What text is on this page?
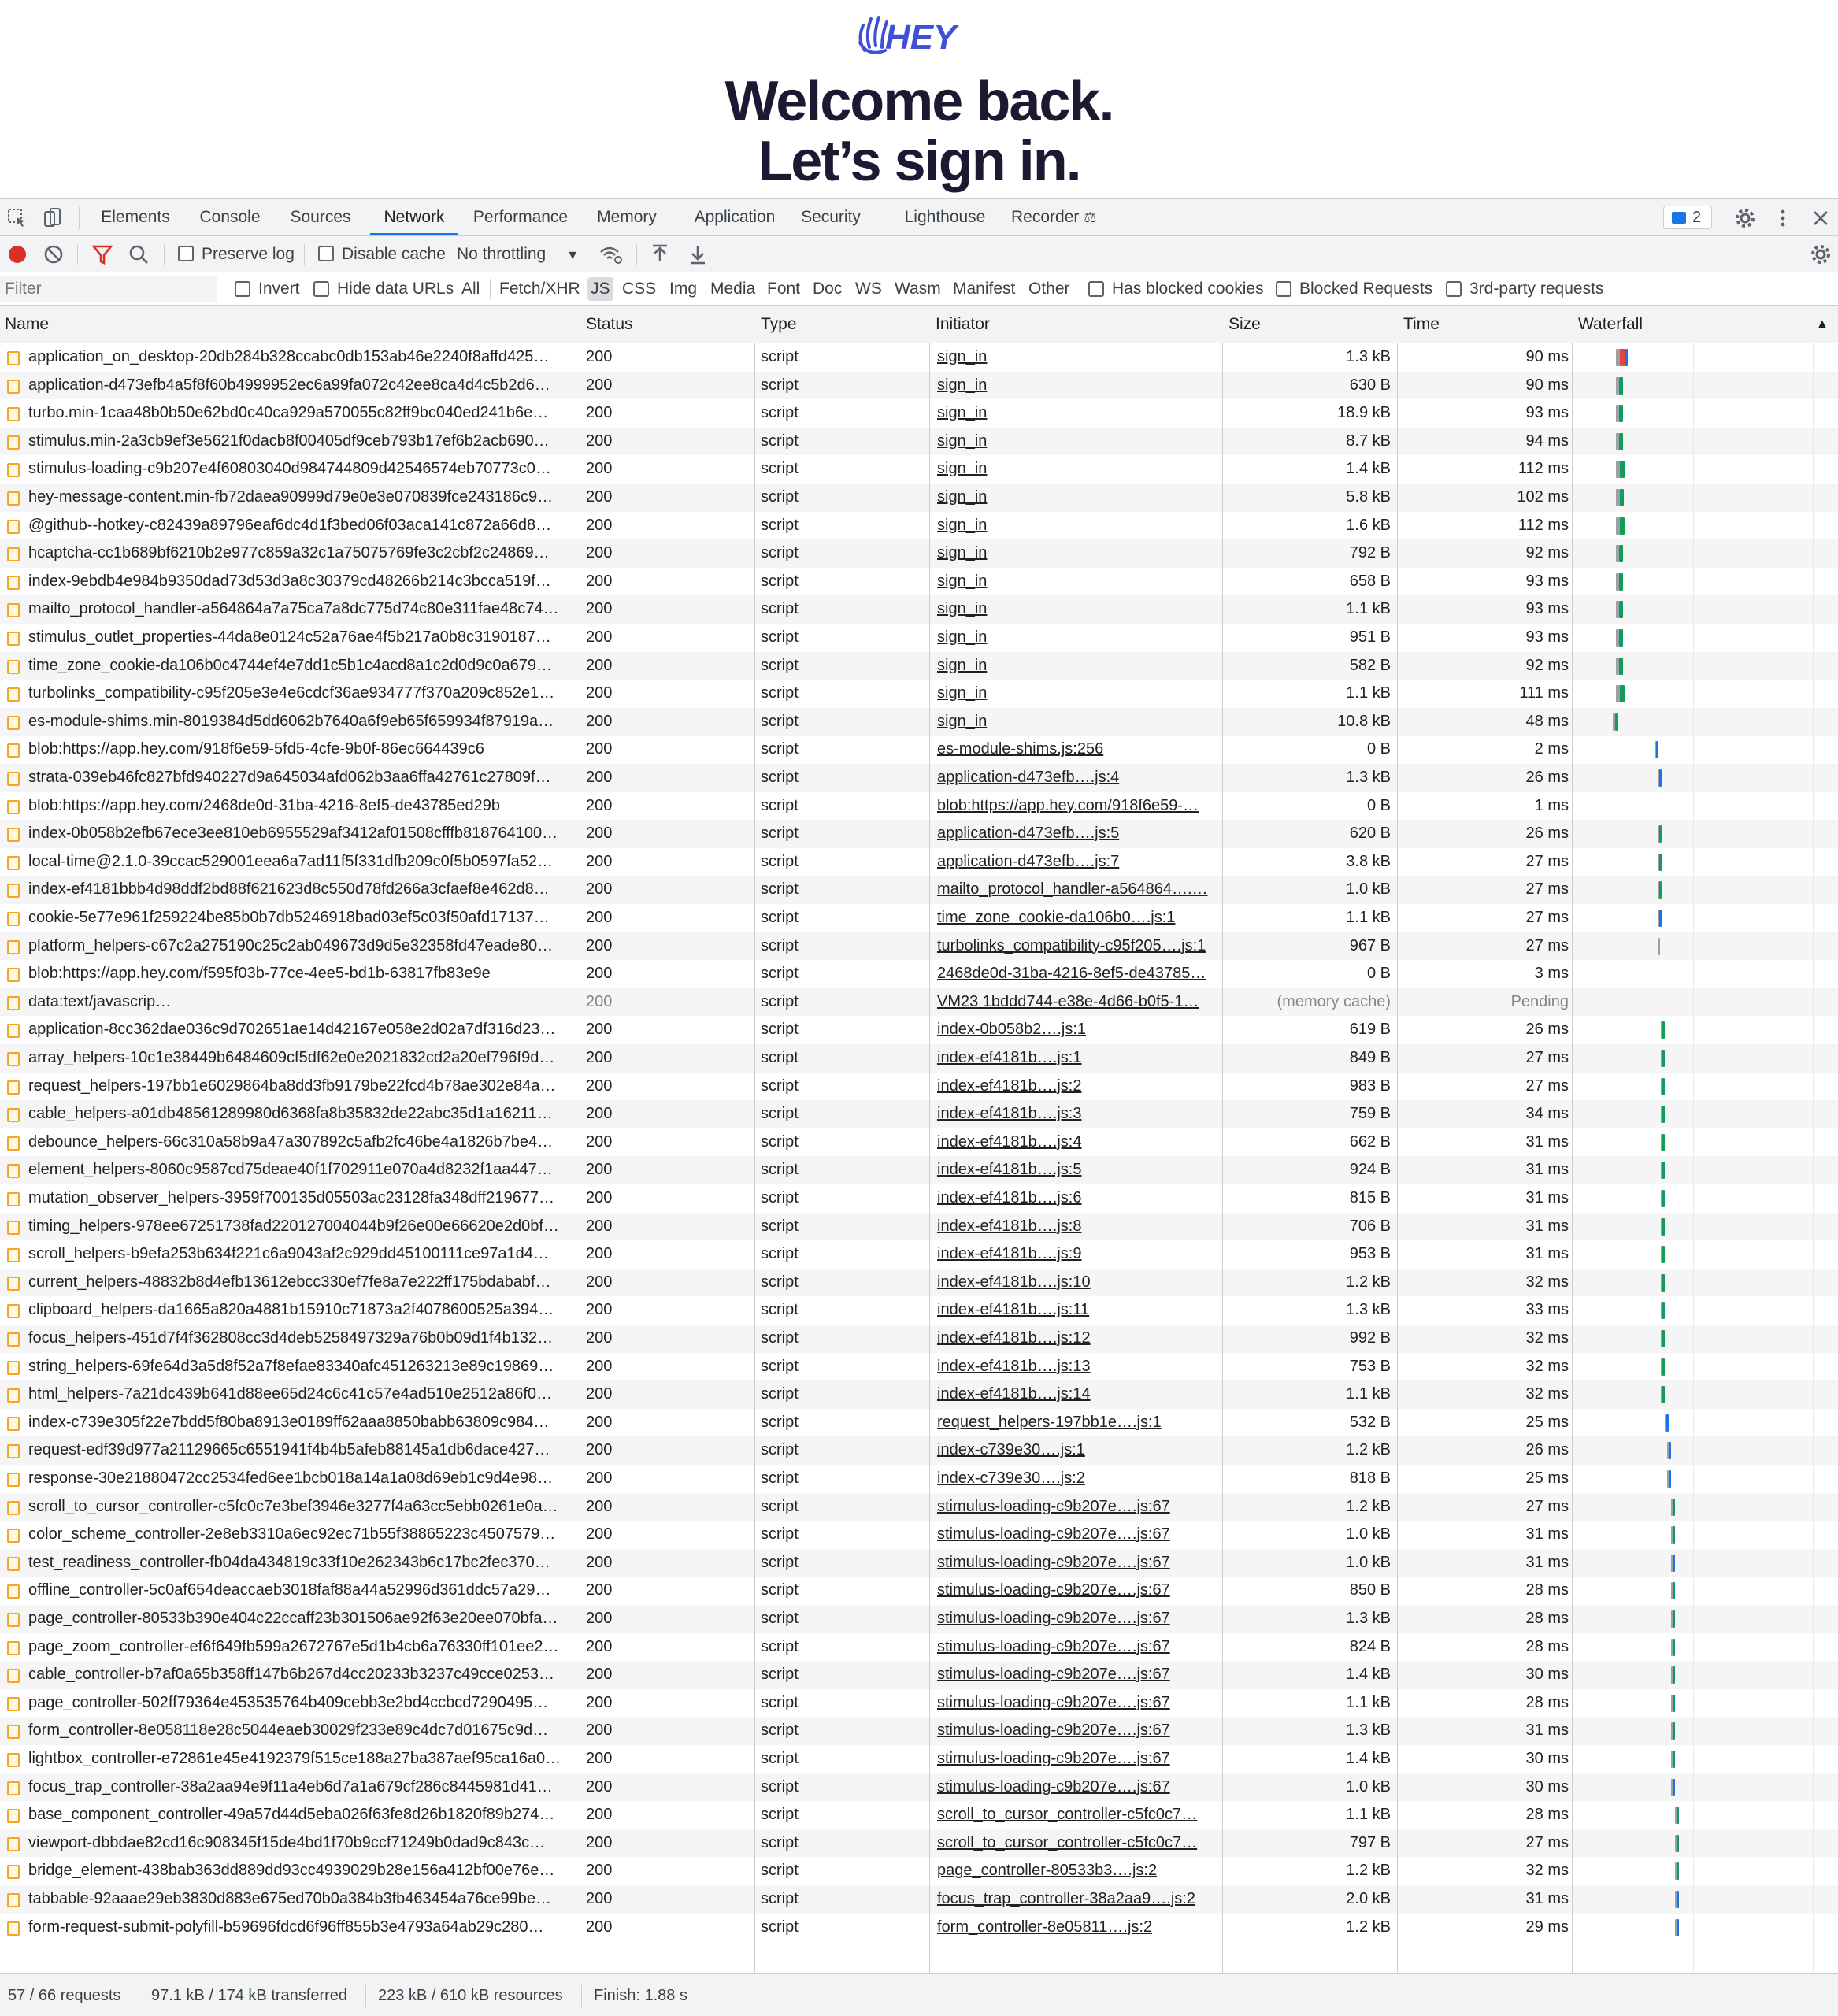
HEY
Welcome back.
Let’s sign in.
Elements	Console	Sources	Network	Performance	Memory	Application	Security	Lighthouse	Recorder ⚖	2
Preserve log	Disable cache No throttling ▼
Filter
Invert Hide data URLs All Fetch/XHR JS CSS Img Media Font Doc WS Wasm Manifest Other	Has blocked cookies Blocked Requests 3rd-party requests
application_on_desktop-20db284b328ccabc0db153ab46e2240f8affd425…	200	script	sign_in	1.3 kB	90 ms
application-d473efb4a5f8f60b4999952ec6a99fa072c42ee8ca4d4c5b2d6…	200	script	sign_in	630 B	90 ms
turbo.min-1caa48b0b50e62bd0c40ca929a570055c82ff9bc040ed241b6e…	200	script	sign_in	18.9 kB	93 ms
stimulus.min-2a3cb9ef3e5621f0dacb8f00405df9ceb793b17ef6b2acb690…	200	script	sign_in	8.7 kB	94 ms
stimulus-loading-c9b207e4f60803040d984744809d42546574eb70773c0…	200	script	sign_in	1.4 kB	112 ms
hey-message-content.min-fb72daea90999d79e0e3e070839fce243186c9…	200	script	sign_in	5.8 kB	102 ms
@github--hotkey-c82439a89796eaf6dc4d1f3bed06f03aca141c872a66d8…	200	script	sign_in	1.6 kB	112 ms
hcaptcha-cc1b689bf6210b2e977c859a32c1a75075769fe3c2cbf2c24869…	200	script	sign_in	792 B	92 ms
index-9ebdb4e984b9350dad73d53d3a8c30379cd48266b214c3bcca519f…	200	script	sign_in	658 B	93 ms
mailto_protocol_handler-a564864a7a75ca7a8dc775d74c80e311fae48c74…	200	script	sign_in	1.1 kB	93 ms
stimulus_outlet_properties-44da8e0124c52a76ae4f5b217a0b8c3190187…	200	script	sign_in	951 B	93 ms
time_zone_cookie-da106b0c4744ef4e7dd1c5b1c4acd8a1c2d0d9c0a679…	200	script	sign_in	582 B	92 ms
turbolinks_compatibility-c95f205e3e4e6cdcf36ae934777f370a209c852e1…	200	script	sign_in	1.1 kB	111 ms
es-module-shims.min-8019384d5dd6062b7640a6f9eb65f659934f87919a…	200	script	sign_in	10.8 kB	48 ms
blob:https://app.hey.com/918f6e59-5fd5-4cfe-9b0f-86ec664439c6	200	script	es-module-shims.js:256	0 B	2 ms
strata-039eb46fc827bfd940227d9a645034afd062b3aa6ffa42761c27809f…	200	script	application-d473efb….js:4	1.3 kB	26 ms
blob:https://app.hey.com/2468de0d-31ba-4216-8ef5-de43785ed29b	200	script	blob:https://app.hey.com/918f6e59-…	0 B	1 ms
index-0b058b2efb67ece3ee810eb6955529af3412af01508cfffb818764100…	200	script	application-d473efb….js:5	620 B	26 ms
local-time@2.1.0-39ccac529001eea6a7ad11f5f331dfb209c0f5b0597fa52…	200	script	application-d473efb….js:7	3.8 kB	27 ms
index-ef4181bbb4d98ddf2bd88f621623d8c550d78fd266a3cfaef8e462d8…	200	script	mailto_protocol_handler-a564864….…	1.0 kB	27 ms
cookie-5e77e961f259224be85b0b7db5246918bad03ef5c03f50afd17137…	200	script	time_zone_cookie-da106b0….js:1	1.1 kB	27 ms
platform_helpers-c67c2a275190c25c2ab049673d9d5e32358fd47eade80…	200	script	turbolinks_compatibility-c95f205….js:1	967 B	27 ms
blob:https://app.hey.com/f595f03b-77ce-4ee5-bd1b-63817fb83e9e	200	script	2468de0d-31ba-4216-8ef5-de43785…	0 B	3 ms
data:text/javascrip…	200	script	VM23 1bddd744-e38e-4d66-b0f5-1…	(memory cache)	Pending
application-8cc362dae036c9d702651ae14d42167e058e2d02a7df316d23…	200	script	index-0b058b2….js:1	619 B	26 ms
array_helpers-10c1e38449b6484609cf5df62e0e2021832cd2a20ef796f9d…	200	script	index-ef4181b….js:1	849 B	27 ms
request_helpers-197bb1e6029864ba8dd3fb9179be22fcd4b78ae302e84a…	200	script	index-ef4181b….js:2	983 B	27 ms
cable_helpers-a01db48561289980d6368fa8b35832de22abc35d1a16211…	200	script	index-ef4181b….js:3	759 B	34 ms
debounce_helpers-66c310a58b9a47a307892c5afb2fc46be4a1826b7be4…	200	script	index-ef4181b….js:4	662 B	31 ms
element_helpers-8060c9587cd75deae40f1f702911e070a4d8232f1aa447…	200	script	index-ef4181b….js:5	924 B	31 ms
mutation_observer_helpers-3959f700135d05503ac23128fa348dff219677…	200	script	index-ef4181b….js:6	815 B	31 ms
timing_helpers-978ee67251738fad220127004044b9f26e00e66620e2d0bf…	200	script	index-ef4181b….js:8	706 B	31 ms
scroll_helpers-b9efa253b634f221c6a9043af2c929dd45100111ce97a1d4…	200	script	index-ef4181b….js:9	953 B	31 ms
current_helpers-48832b8d4efb13612ebcc330ef7fe8a7e222ff175bdababf…	200	script	index-ef4181b….js:10	1.2 kB	32 ms
clipboard_helpers-da1665a820a4881b15910c71873a2f4078600525a394…	200	script	index-ef4181b….js:11	1.3 kB	33 ms
focus_helpers-451d7f4f362808cc3d4deb5258497329a76b0b09d1f4b132…	200	script	index-ef4181b….js:12	992 B	32 ms
string_helpers-69fe64d3a5d8f52a7f8efae83340afc451263213e89c19869…	200	script	index-ef4181b….js:13	753 B	32 ms
html_helpers-7a21dc439b641d88ee65d24c6c41c57e4ad510e2512a86f0…	200	script	index-ef4181b….js:14	1.1 kB	32 ms
index-c739e305f22e7bdd5f80ba8913e0189ff62aaa8850babb63809c984…	200	script	request_helpers-197bb1e….js:1	532 B	25 ms
request-edf39d977a21129665c6551941f4b4b5afeb88145a1db6dace427…	200	script	index-c739e30….js:1	1.2 kB	26 ms
response-30e21880472cc2534fed6ee1bcb018a14a1a08d69eb1c9d4e98…	200	script	index-c739e30….js:2	818 B	25 ms
scroll_to_cursor_controller-c5fc0c7e3bef3946e3277f4a63cc5ebb0261e0a…	200	script	stimulus-loading-c9b207e….js:67	1.2 kB	27 ms
color_scheme_controller-2e8eb3310a6ec92ec71b55f38865223c4507579…	200	script	stimulus-loading-c9b207e….js:67	1.0 kB	31 ms
test_readiness_controller-fb04da434819c33f10e262343b6c17bc2fec370…	200	script	stimulus-loading-c9b207e….js:67	1.0 kB	31 ms
offline_controller-5c0af654deaccaeb3018faf88a44a52996d361ddc57a29…	200	script	stimulus-loading-c9b207e….js:67	850 B	28 ms
page_controller-80533b390e404c22ccaff23b301506ae92f63e20ee070bfa…	200	script	stimulus-loading-c9b207e….js:67	1.3 kB	28 ms
page_zoom_controller-ef6f649fb599a2672767e5d1b4cb6a76330ff101ee2…	200	script	stimulus-loading-c9b207e….js:67	824 B	28 ms
cable_controller-b7af0a65b358ff147b6b267d4cc20233b3237c49cce0253…	200	script	stimulus-loading-c9b207e….js:67	1.4 kB	30 ms
page_controller-502ff79364e453535764b409cebb3e2bd4ccbcd7290495…	200	script	stimulus-loading-c9b207e….js:67	1.1 kB	28 ms
form_controller-8e058118e28c5044eaeb30029f233e89c4dc7d01675c9d…	200	script	stimulus-loading-c9b207e….js:67	1.3 kB	31 ms
lightbox_controller-e72861e45e4192379f515ce188a27ba387aef95ca16a0…	200	script	stimulus-loading-c9b207e….js:67	1.4 kB	30 ms
focus_trap_controller-38a2aa94e9f11a4eb6d7a1a679cf286c8445981d41…	200	script	stimulus-loading-c9b207e….js:67	1.0 kB	30 ms
base_component_controller-49a57d44d5eba026f63fe8d26b1820f89b274…	200	script	scroll_to_cursor_controller-c5fc0c7…	1.1 kB	28 ms
viewport-dbbdae82cd16c908345f15de4bd1f70b9ccf71249b0dad9c843c…	200	script	scroll_to_cursor_controller-c5fc0c7…	797 B	27 ms
bridge_element-438bab363dd889dd93cc4939029b28e156a412bf00e76e…	200	script	page_controller-80533b3….js:2	1.2 kB	32 ms
tabbable-92aaae29eb3830d883e675ed70b0a384b3fb463454a76ce99be…	200	script	focus_trap_controller-38a2aa9….js:2	2.0 kB	31 ms
form-request-submit-polyfill-b59696fdcd6f96ff855b3e4793a64ab29c280…	200	script	form_controller-8e05811….js:2	1.2 kB	29 ms
Name	Status	Type	Initiator	Size	Time	Waterfall	▲
57 / 66 requests 97.1 kB / 174 kB transferred 223 kB / 610 kB resources Finish: 1.88 s
